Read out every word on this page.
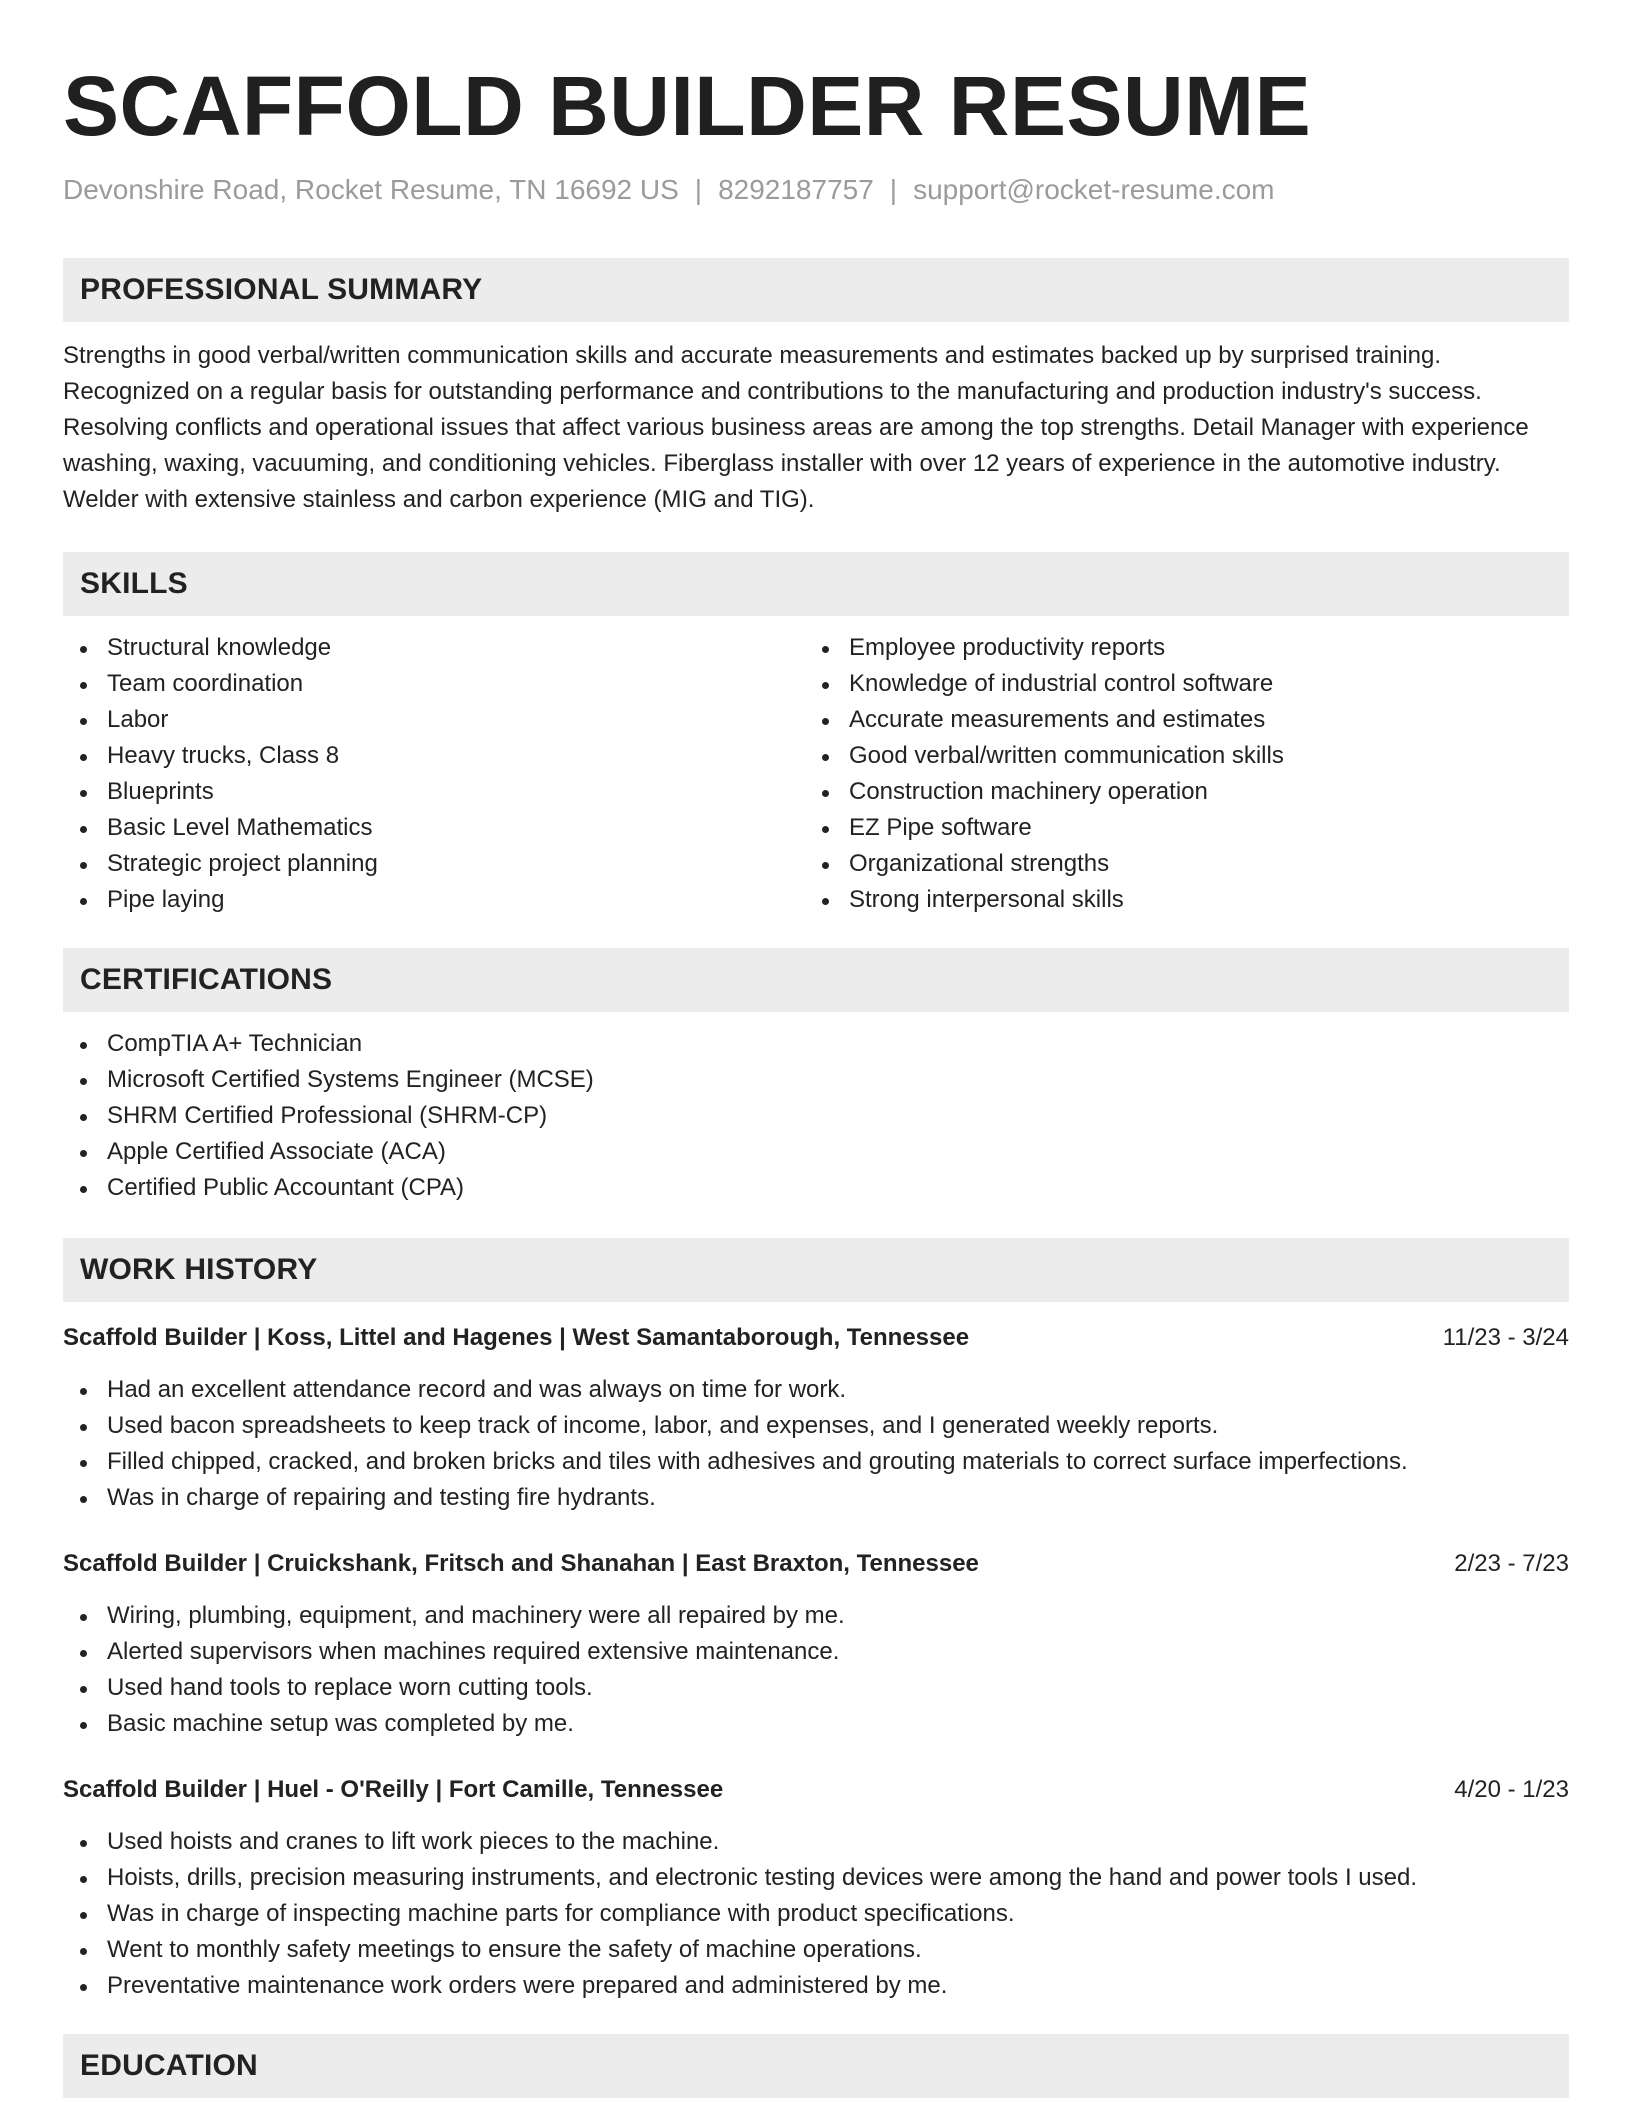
SCAFFOLD BUILDER RESUME
Devonshire Road, Rocket Resume, TN 16692 US | 8292187757 | support@rocket-resume.com
PROFESSIONAL SUMMARY

Strengths in good verbal/written communication skills and accurate measurements and estimates backed up by surprised training. Recognized on a regular basis for outstanding performance and contributions to the manufacturing and production industry's success. Resolving conflicts and operational issues that affect various business areas are among the top strengths. Detail Manager with experience washing, waxing, vacuuming, and conditioning vehicles. Fiberglass installer with over 12 years of experience in the automotive industry. Welder with extensive stainless and carbon experience (MIG and TIG).

SKILLS
Structural knowledge
Team coordination
Labor
Heavy trucks, Class 8
Blueprints
Basic Level Mathematics
Strategic project planning
Pipe laying
Employee productivity reports
Knowledge of industrial control software
Accurate measurements and estimates
Good verbal/written communication skills
Construction machinery operation
EZ Pipe software
Organizational strengths
Strong interpersonal skills
CERTIFICATIONS
CompTIA A+ Technician
Microsoft Certified Systems Engineer (MCSE)
SHRM Certified Professional (SHRM-CP)
Apple Certified Associate (ACA)
Certified Public Accountant (CPA)
WORK HISTORY
Scaffold Builder | Koss, Littel and Hagenes | West Samantaborough, Tennessee	11/23 - 3/24
Had an excellent attendance record and was always on time for work.
Used bacon spreadsheets to keep track of income, labor, and expenses, and I generated weekly reports.
Filled chipped, cracked, and broken bricks and tiles with adhesives and grouting materials to correct surface imperfections.
Was in charge of repairing and testing fire hydrants.
Scaffold Builder | Cruickshank, Fritsch and Shanahan | East Braxton, Tennessee	2/23 - 7/23
Wiring, plumbing, equipment, and machinery were all repaired by me.
Alerted supervisors when machines required extensive maintenance.
Used hand tools to replace worn cutting tools.
Basic machine setup was completed by me.
Scaffold Builder | Huel - O'Reilly | Fort Camille, Tennessee	4/20 - 1/23
Used hoists and cranes to lift work pieces to the machine.
Hoists, drills, precision measuring instruments, and electronic testing devices were among the hand and power tools I used.
Was in charge of inspecting machine parts for compliance with product specifications.
Went to monthly safety meetings to ensure the safety of machine operations.
Preventative maintenance work orders were prepared and administered by me.
EDUCATION
